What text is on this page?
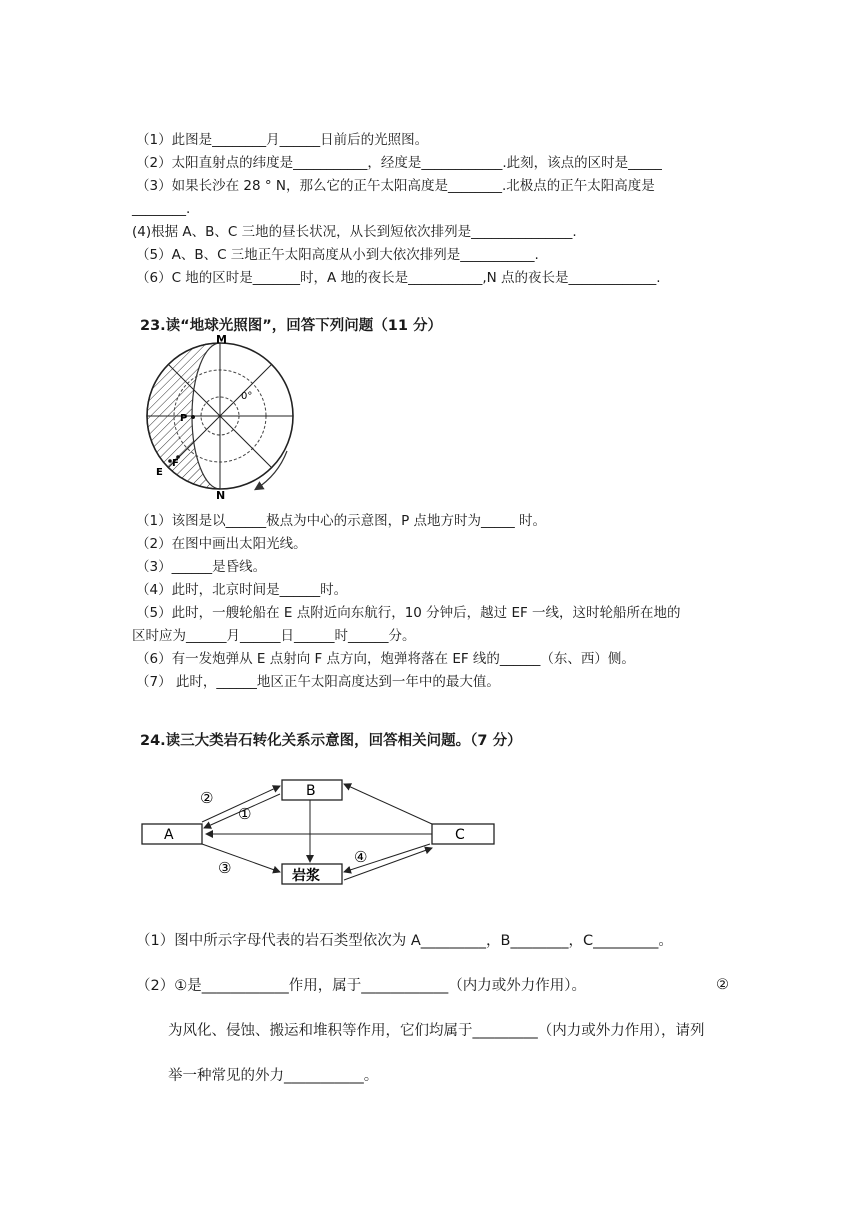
（1）此图是________月______日前后的光照图。
（2）太阳直射点的纬度是___________，经度是____________.此刻，该点的区时是_____
（3）如果长沙在 28 ° N，那么它的正午太阳高度是________.北极点的正午太阳高度是
________.
(4)根据 A、B、C 三地的昼长状况，从长到短依次排列是_______________.
（5）A、B、C 三地正午太阳高度从小到大依次排列是___________.
（6）C 地的区时是_______时，A 地的夜长是___________,N 点的夜长是_____________.
23.读“地球光照图”，回答下列问题（11 分）
M
N
0°
P
E
F
（1）该图是以______极点为中心的示意图，P 点地方时为_____ 时。
（2）在图中画出太阳光线。
（3）______是昏线。
（4）此时，北京时间是______时。
（5）此时，一艘轮船在 E 点附近向东航行，10 分钟后，越过 EF 一线，这时轮船所在地的
区时应为______月______日______时______分。
（6）有一发炮弹从 E 点射向 F 点方向，炮弹将落在 EF 线的______（东、西）侧。
（7） 此时，______地区正午太阳高度达到一年中的最大值。
24.读三大类岩石转化关系示意图，回答相关问题。（7 分）
B
A	C
岩浆
②
①
③
④
（1）图中所示字母代表的岩石类型依次为 A_________，B________，C_________。
（2）①是____________作用，属于____________（内力或外力作用）。	②
为风化、侵蚀、搬运和堆积等作用，它们均属于_________（内力或外力作用），请列
举一种常见的外力___________。
